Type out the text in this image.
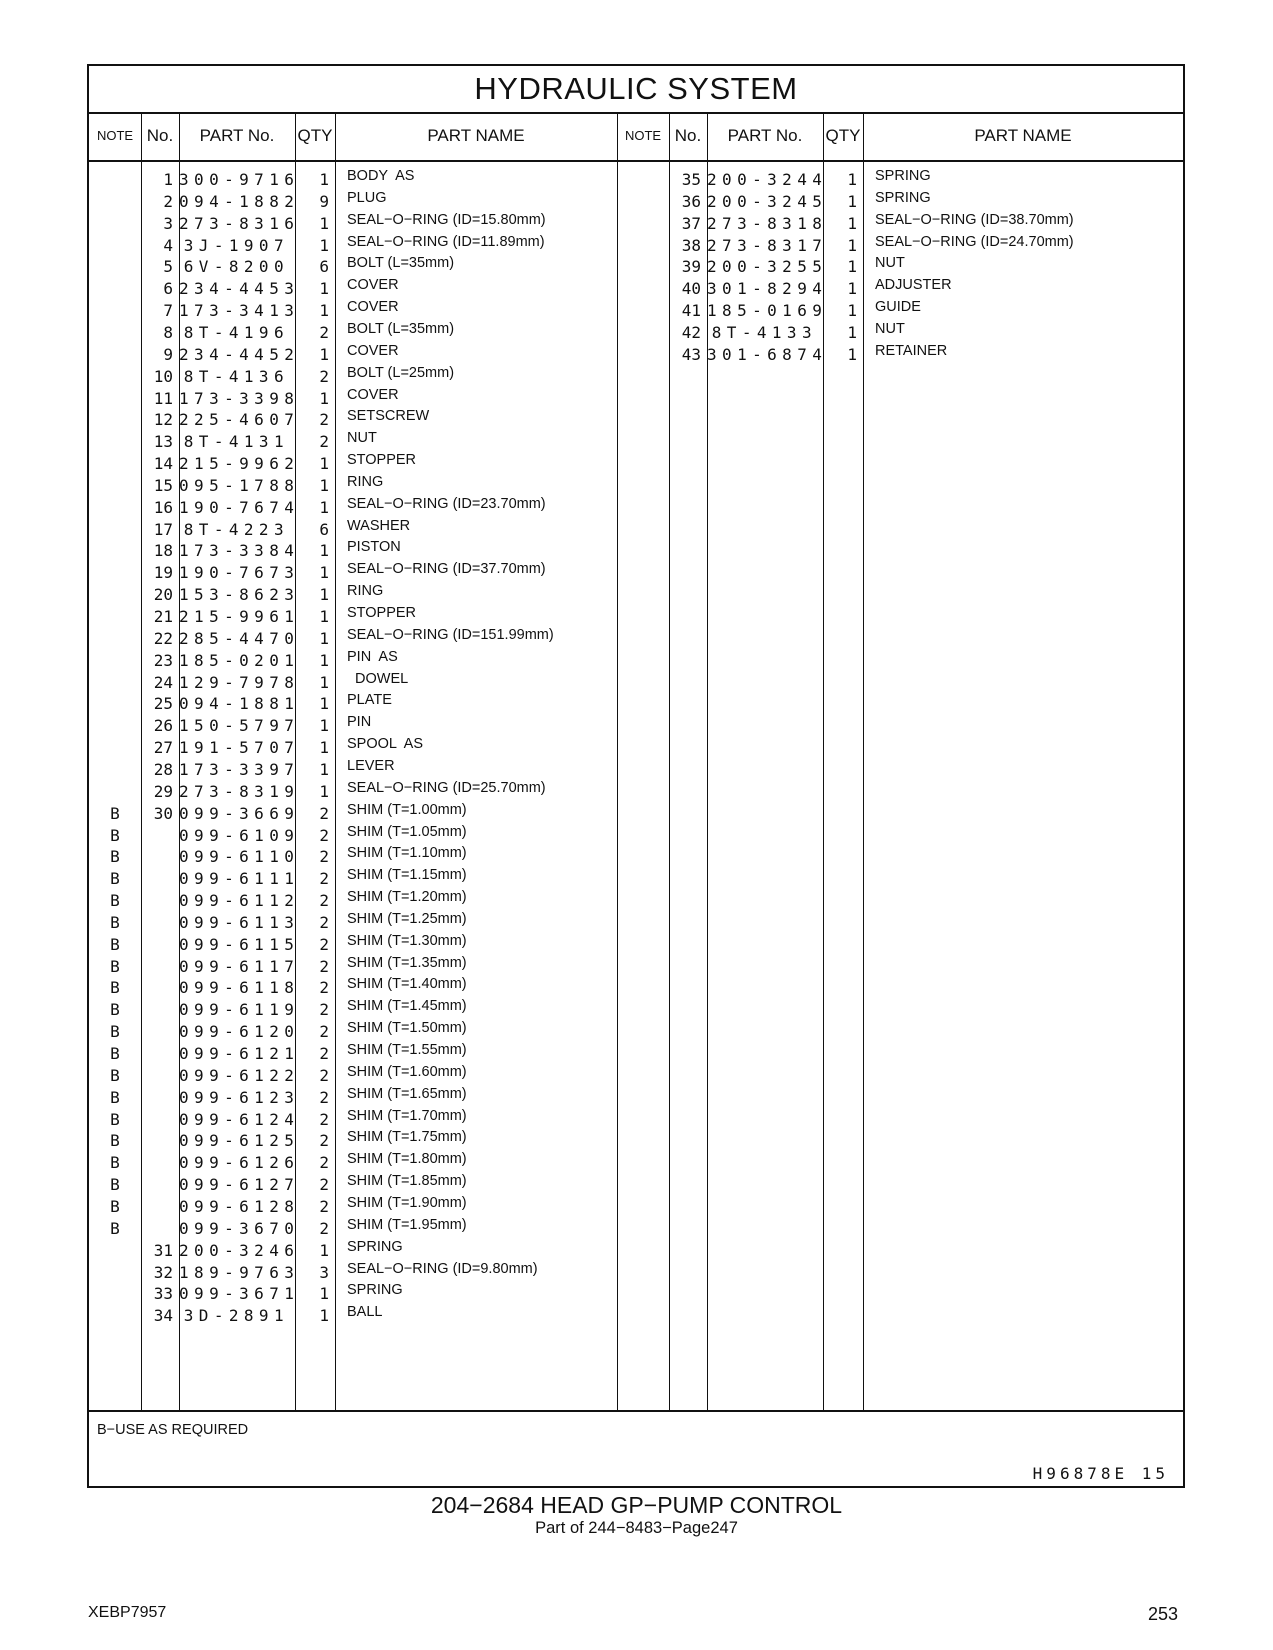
HYDRAULIC SYSTEM
NOTE No.	PART No.	QTY	PART NAME	NOTE No.	PART No.	QTY	PART NAME
1 300-9716	1 BODY  AS
2 094-1882	9 PLUG
3 273-8316	1 SEAL−O−RING (ID=15.80mm)
4 3J-1907	1 SEAL−O−RING (ID=11.89mm)
5 6V-8200	6 BOLT (L=35mm)
6 234-4453	1 COVER
7 173-3413	1 COVER
8 8T-4196	2 BOLT (L=35mm)
9 234-4452	1 COVER
10 8T-4136	2 BOLT (L=25mm)
11 173-3398	1 COVER
12 225-4607	2 SETSCREW
13 8T-4131	2 NUT
14 215-9962	1 STOPPER
15 095-1788	1 RING
16 190-7674	1 SEAL−O−RING (ID=23.70mm)
17 8T-4223	6 WASHER
18 173-3384	1 PISTON
19 190-7673	1 SEAL−O−RING (ID=37.70mm)
20 153-8623	1 RING
21 215-9961	1 STOPPER
22 285-4470	1 SEAL−O−RING (ID=151.99mm)
23 185-0201	1 PIN  AS
24 129-7978	1 DOWEL
25 094-1881	1 PLATE
26 150-5797	1 PIN
27 191-5707	1 SPOOL  AS
28 173-3397	1 LEVER
29 273-8319	1 SEAL−O−RING (ID=25.70mm)
B	30 099-3669	2 SHIM (T=1.00mm)
B	099-6109	2 SHIM (T=1.05mm)
B	099-6110	2 SHIM (T=1.10mm)
B	099-6111	2 SHIM (T=1.15mm)
B	099-6112	2 SHIM (T=1.20mm)
B	099-6113	2 SHIM (T=1.25mm)
B	099-6115	2 SHIM (T=1.30mm)
B	099-6117	2 SHIM (T=1.35mm)
B	099-6118	2 SHIM (T=1.40mm)
B	099-6119	2 SHIM (T=1.45mm)
B	099-6120	2 SHIM (T=1.50mm)
B	099-6121	2 SHIM (T=1.55mm)
B	099-6122	2 SHIM (T=1.60mm)
B	099-6123	2 SHIM (T=1.65mm)
B	099-6124	2 SHIM (T=1.70mm)
B	099-6125	2 SHIM (T=1.75mm)
B	099-6126	2 SHIM (T=1.80mm)
B	099-6127	2 SHIM (T=1.85mm)
B	099-6128	2 SHIM (T=1.90mm)
B	099-3670	2 SHIM (T=1.95mm)
31 200-3246	1 SPRING
32 189-9763	3 SEAL−O−RING (ID=9.80mm)
33 099-3671	1 SPRING
34 3D-2891	1 BALL
35 200-3244	1 SPRING
36 200-3245	1 SPRING
37 273-8318	1 SEAL−O−RING (ID=38.70mm)
38 273-8317	1 SEAL−O−RING (ID=24.70mm)
39 200-3255	1 NUT
40 301-8294	1 ADJUSTER
41 185-0169	1 GUIDE
42 8T-4133	1 NUT
43 301-6874	1 RETAINER
B−USE AS REQUIRED
H96878E 15
204−2684 HEAD GP−PUMP CONTROL
Part of 244−8483−Page247
XEBP7957	253
